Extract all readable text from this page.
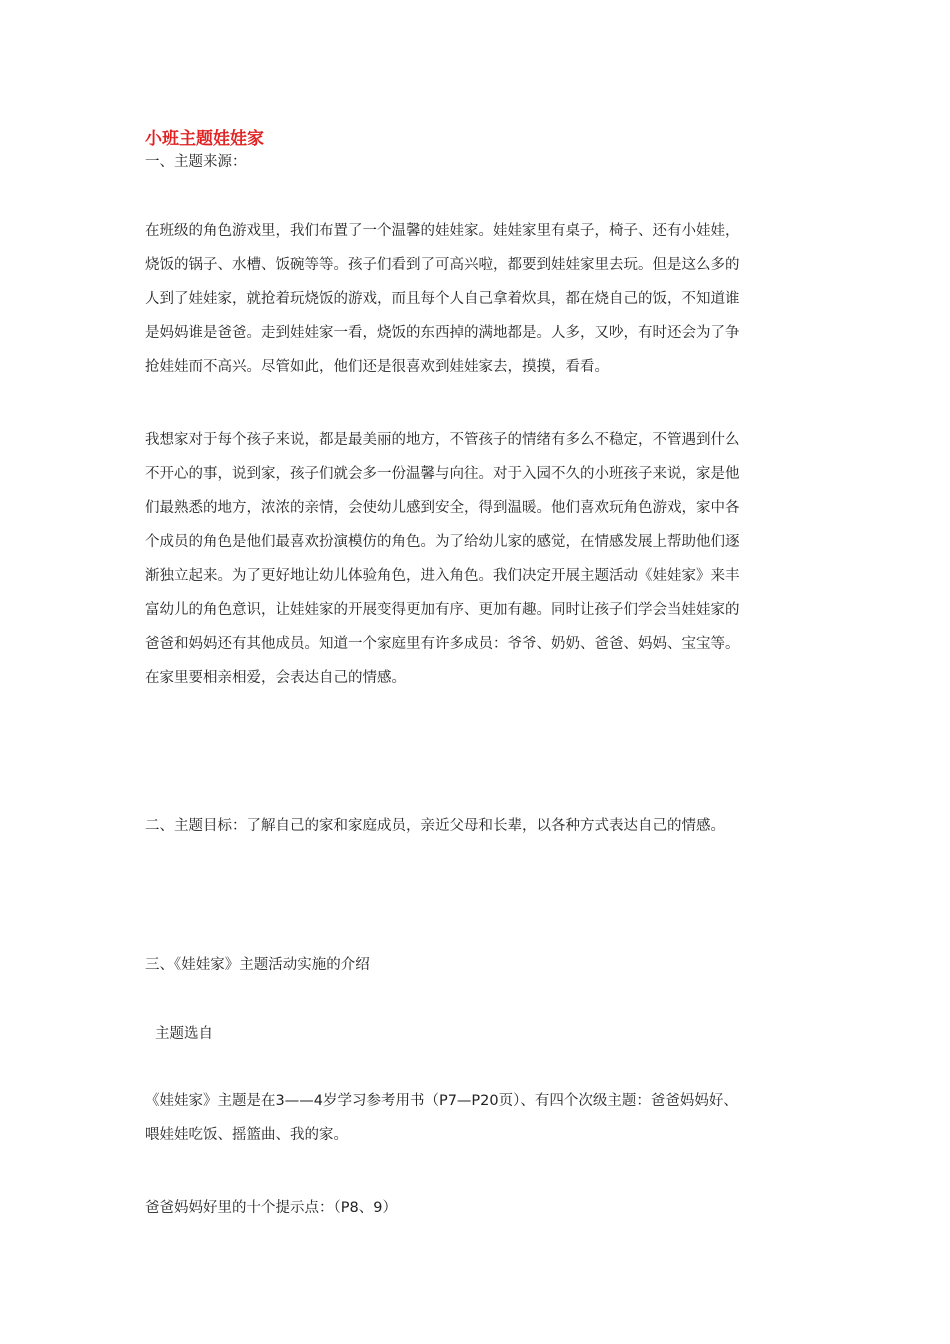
小班主题娃娃家

一、主题来源：

在班级的角色游戏里，我们布置了一个温馨的娃娃家。娃娃家里有桌子，椅子、还有小娃娃，
烧饭的锅子、水槽、饭碗等等。孩子们看到了可高兴啦，都要到娃娃家里去玩。但是这么多的
人到了娃娃家，就抢着玩烧饭的游戏，而且每个人自己拿着炊具，都在烧自己的饭，不知道谁
是妈妈谁是爸爸。走到娃娃家一看，烧饭的东西掉的满地都是。人多，又吵，有时还会为了争
抢娃娃而不高兴。尽管如此，他们还是很喜欢到娃娃家去，摸摸，看看。
我想家对于每个孩子来说，都是最美丽的地方，不管孩子的情绪有多么不稳定，不管遇到什么
不开心的事，说到家，孩子们就会多一份温馨与向往。对于入园不久的小班孩子来说，家是他
们最熟悉的地方，浓浓的亲情，会使幼儿感到安全，得到温暖。他们喜欢玩角色游戏，家中各
个成员的角色是他们最喜欢扮演模仿的角色。为了给幼儿家的感觉，在情感发展上帮助他们逐
渐独立起来。为了更好地让幼儿体验角色，进入角色。我们决定开展主题活动《娃娃家》来丰
富幼儿的角色意识，让娃娃家的开展变得更加有序、更加有趣。同时让孩子们学会当娃娃家的
爸爸和妈妈还有其他成员。知道一个家庭里有许多成员：爷爷、奶奶、爸爸、妈妈、宝宝等。
在家里要相亲相爱，会表达自己的情感。

二、主题目标：了解自己的家和家庭成员，亲近父母和长辈，以各种方式表达自己的情感。

三、《娃娃家》主题活动实施的介绍

主题选自

《娃娃家》主题是在3——4岁学习参考用书（P7—P20页）、有四个次级主题：爸爸妈妈好、
喂娃娃吃饭、摇篮曲、我的家。

爸爸妈妈好里的十个提示点：（P8、9）
